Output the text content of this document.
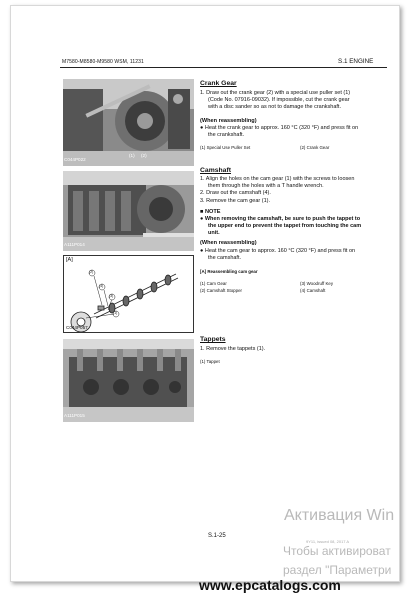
M7580-M8580-M9580 WSM, 11231	S.1 ENGINE
C044P022
(1) (2)
A111P014
[A]
(2)
(4)
(3)
(1)
C044P057
A111P015
Crank Gear
1. Draw out the crank gear (2) with a special use puller set (1)
(Code No. 07916-09032). If impossible, cut the crank gear
with a disc sander so as not to damage the crankshaft.
(When reassembling)
● Heat the crank gear to approx. 160 °C (320 °F) and press fit on
the crankshaft.
(1) Special Use Puller Set	(2) Crank Gear
Camshaft
1. Align the holes on the cam gear (1) with the screws to loosen
them through the holes with a T handle wrench.
2. Draw out the camshaft (4).
3. Remove the cam gear (1).
■ NOTE
● When removing the camshaft, be sure to push the tappet to
the upper end to prevent the tappet from touching the cam
unit.
(When reassembling)
● Heat the cam gear to approx. 160 °C (320 °F) and press fit on
the camshaft.
[A] Reassembling cam gear
(1) Cam Gear
(2) Camshaft Stopper
(3) Woodruff Key
(4) Camshaft
Tappets
1. Remove the tappets (1).
(1) Tappet
S.1-25
Активация Win
9Y11, issued 08, 2017 A
Чтобы активироват
раздел "Параметри
www.epcatalogs.com
